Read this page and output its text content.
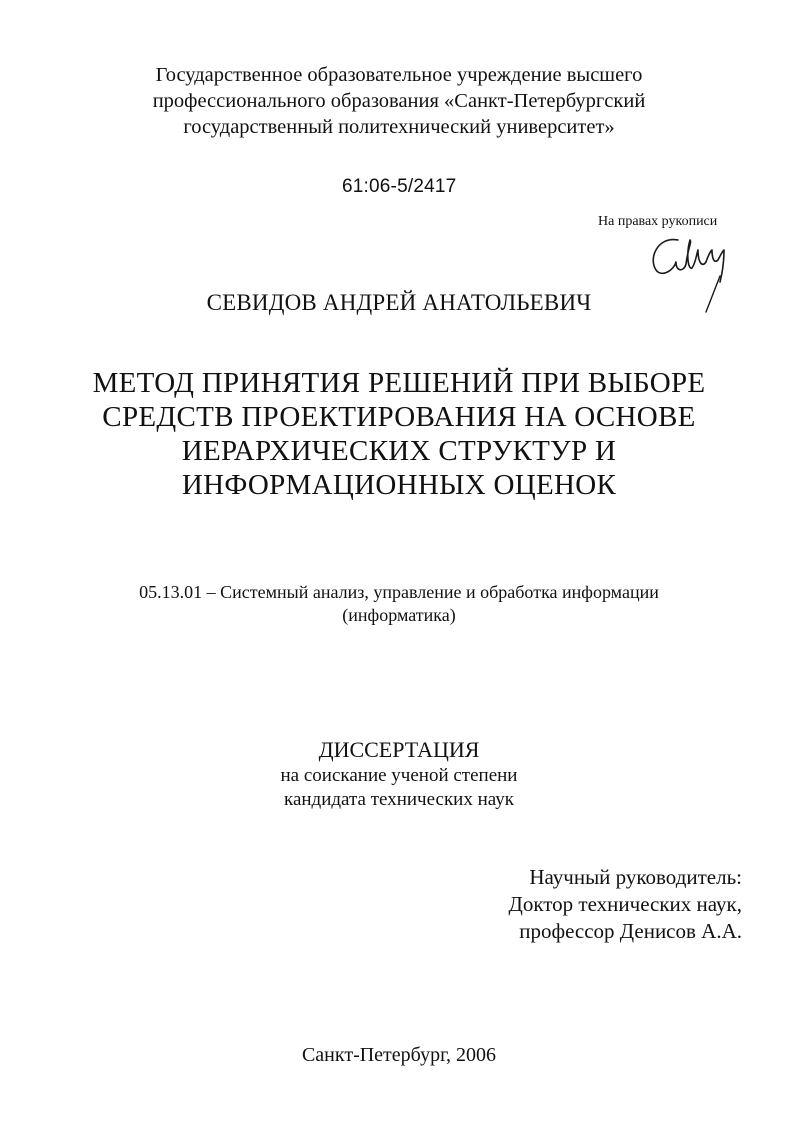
Государственное образовательное учреждение высшего
профессионального образования «Санкт-Петербургский
государственный политехнический университет»
61:06-5/2417
На правах рукописи
СЕВИДОВ АНДРЕЙ АНАТОЛЬЕВИЧ
МЕТОД ПРИНЯТИЯ РЕШЕНИЙ ПРИ ВЫБОРЕ
СРЕДСТВ ПРОЕКТИРОВАНИЯ НА ОСНОВЕ
ИЕРАРХИЧЕСКИХ СТРУКТУР И
ИНФОРМАЦИОННЫХ ОЦЕНОК
05.13.01 – Системный анализ, управление и обработка информации
(информатика)
ДИССЕРТАЦИЯ
на соискание ученой степени
кандидата технических наук
Научный руководитель:
Доктор технических наук,
профессор Денисов А.А.
Санкт-Петербург, 2006
